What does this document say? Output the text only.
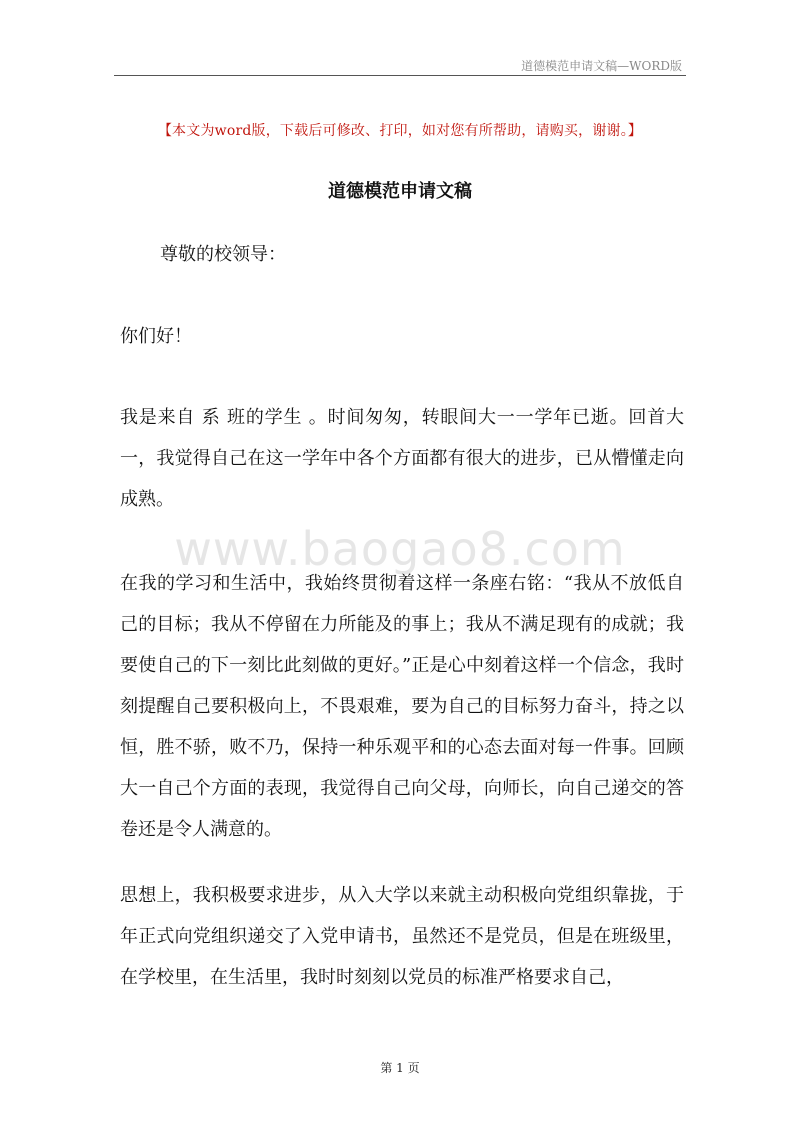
道德模范申请文稿—WORD版
【本文为word版，下载后可修改、打印，如对您有所帮助，请购买，谢谢。】
道德模范申请文稿
尊敬的校领导：
你们好！
www.baogao8.com

我是来自 系 班的学生 。时间匆匆，转眼间大一一学年已逝。回首大一，我觉得自己在这一学年中各个方面都有很大的进步，已从懵懂走向成熟。

在我的学习和生活中，我始终贯彻着这样一条座右铭：“我从不放低自己的目标；我从不停留在力所能及的事上；我从不满足现有的成就；我要使自己的下一刻比此刻做的更好。”正是心中刻着这样一个信念，我时刻提醒自己要积极向上，不畏艰难，要为自己的目标努力奋斗，持之以恒，胜不骄，败不乃，保持一种乐观平和的心态去面对每一件事。回顾大一自己个方面的表现，我觉得自己向父母，向师长，向自己递交的答卷还是令人满意的。

思想上，我积极要求进步，从入大学以来就主动积极向党组织靠拢，于 年正式向党组织递交了入党申请书，虽然还不是党员，但是在班级里，在学校里，在生活里，我时时刻刻以党员的标准严格要求自己，

第 1 页
